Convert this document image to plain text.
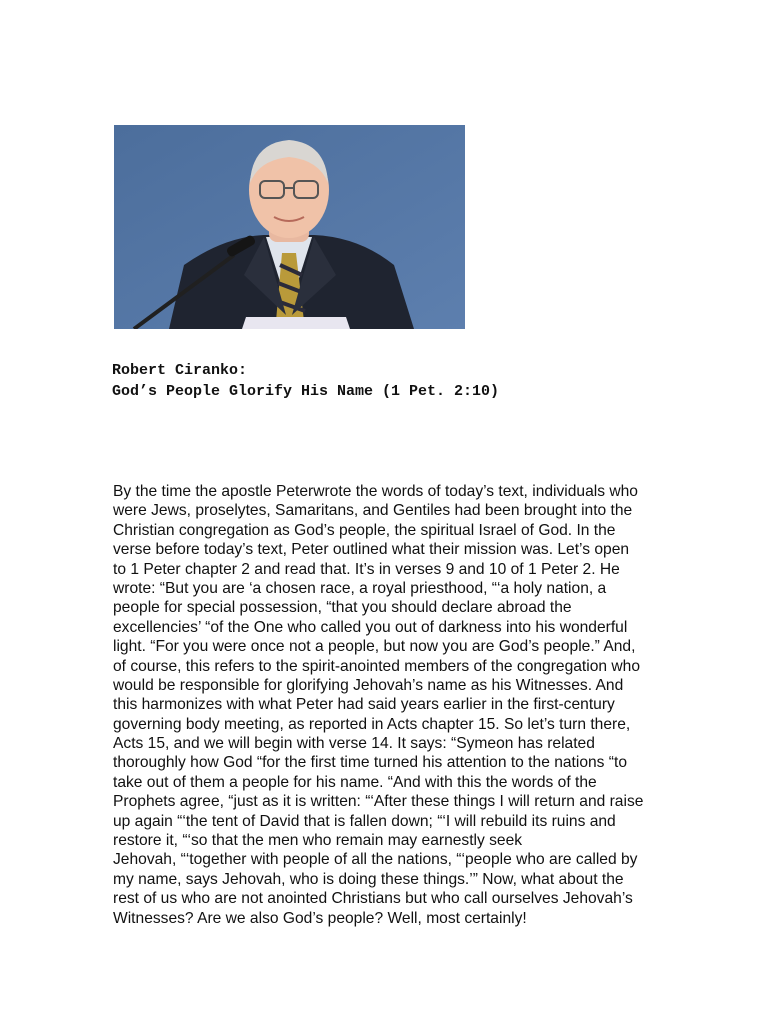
Robert Ciranko:
God’s People Glorify His Name (1 Pet. 2:10)
By the time the apostle Peterwrote the words of today’s text, individuals who
were Jews, proselytes, Samaritans, and Gentiles had been brought into the
Christian congregation as God’s people, the spiritual Israel of God. In the
verse before today’s text, Peter outlined what their mission was. Let’s open
to 1 Peter chapter 2 and read that. It’s in verses 9 and 10 of 1 Peter 2. He
wrote: “But you are ‘a chosen race, a royal priesthood, “‘a holy nation, a
people for special possession, “that you should declare abroad the
excellencies’ “of the One who called you out of darkness into his wonderful
light. “For you were once not a people, but now you are God’s people.” And,
of course, this refers to the spirit-anointed members of the congregation who
would be responsible for glorifying Jehovah’s name as his Witnesses. And
this harmonizes with what Peter had said years earlier in the first-century
governing body meeting, as reported in Acts chapter 15. So let’s turn there,
Acts 15, and we will begin with verse 14. It says: “Symeon has related
thoroughly how God “for the first time turned his attention to the nations “to
take out of them a people for his name. “And with this the words of the
Prophets agree, “just as it is written: “‘After these things I will return and raise
up again “‘the tent of David that is fallen down; “‘I will rebuild its ruins and
restore it, “‘so that the men who remain may earnestly seek
Jehovah, “‘together with people of all the nations, “‘people who are called by
my name, says Jehovah, who is doing these things.’” Now, what about the
rest of us who are not anointed Christians but who call ourselves Jehovah’s
Witnesses? Are we also God’s people? Well, most certainly!
